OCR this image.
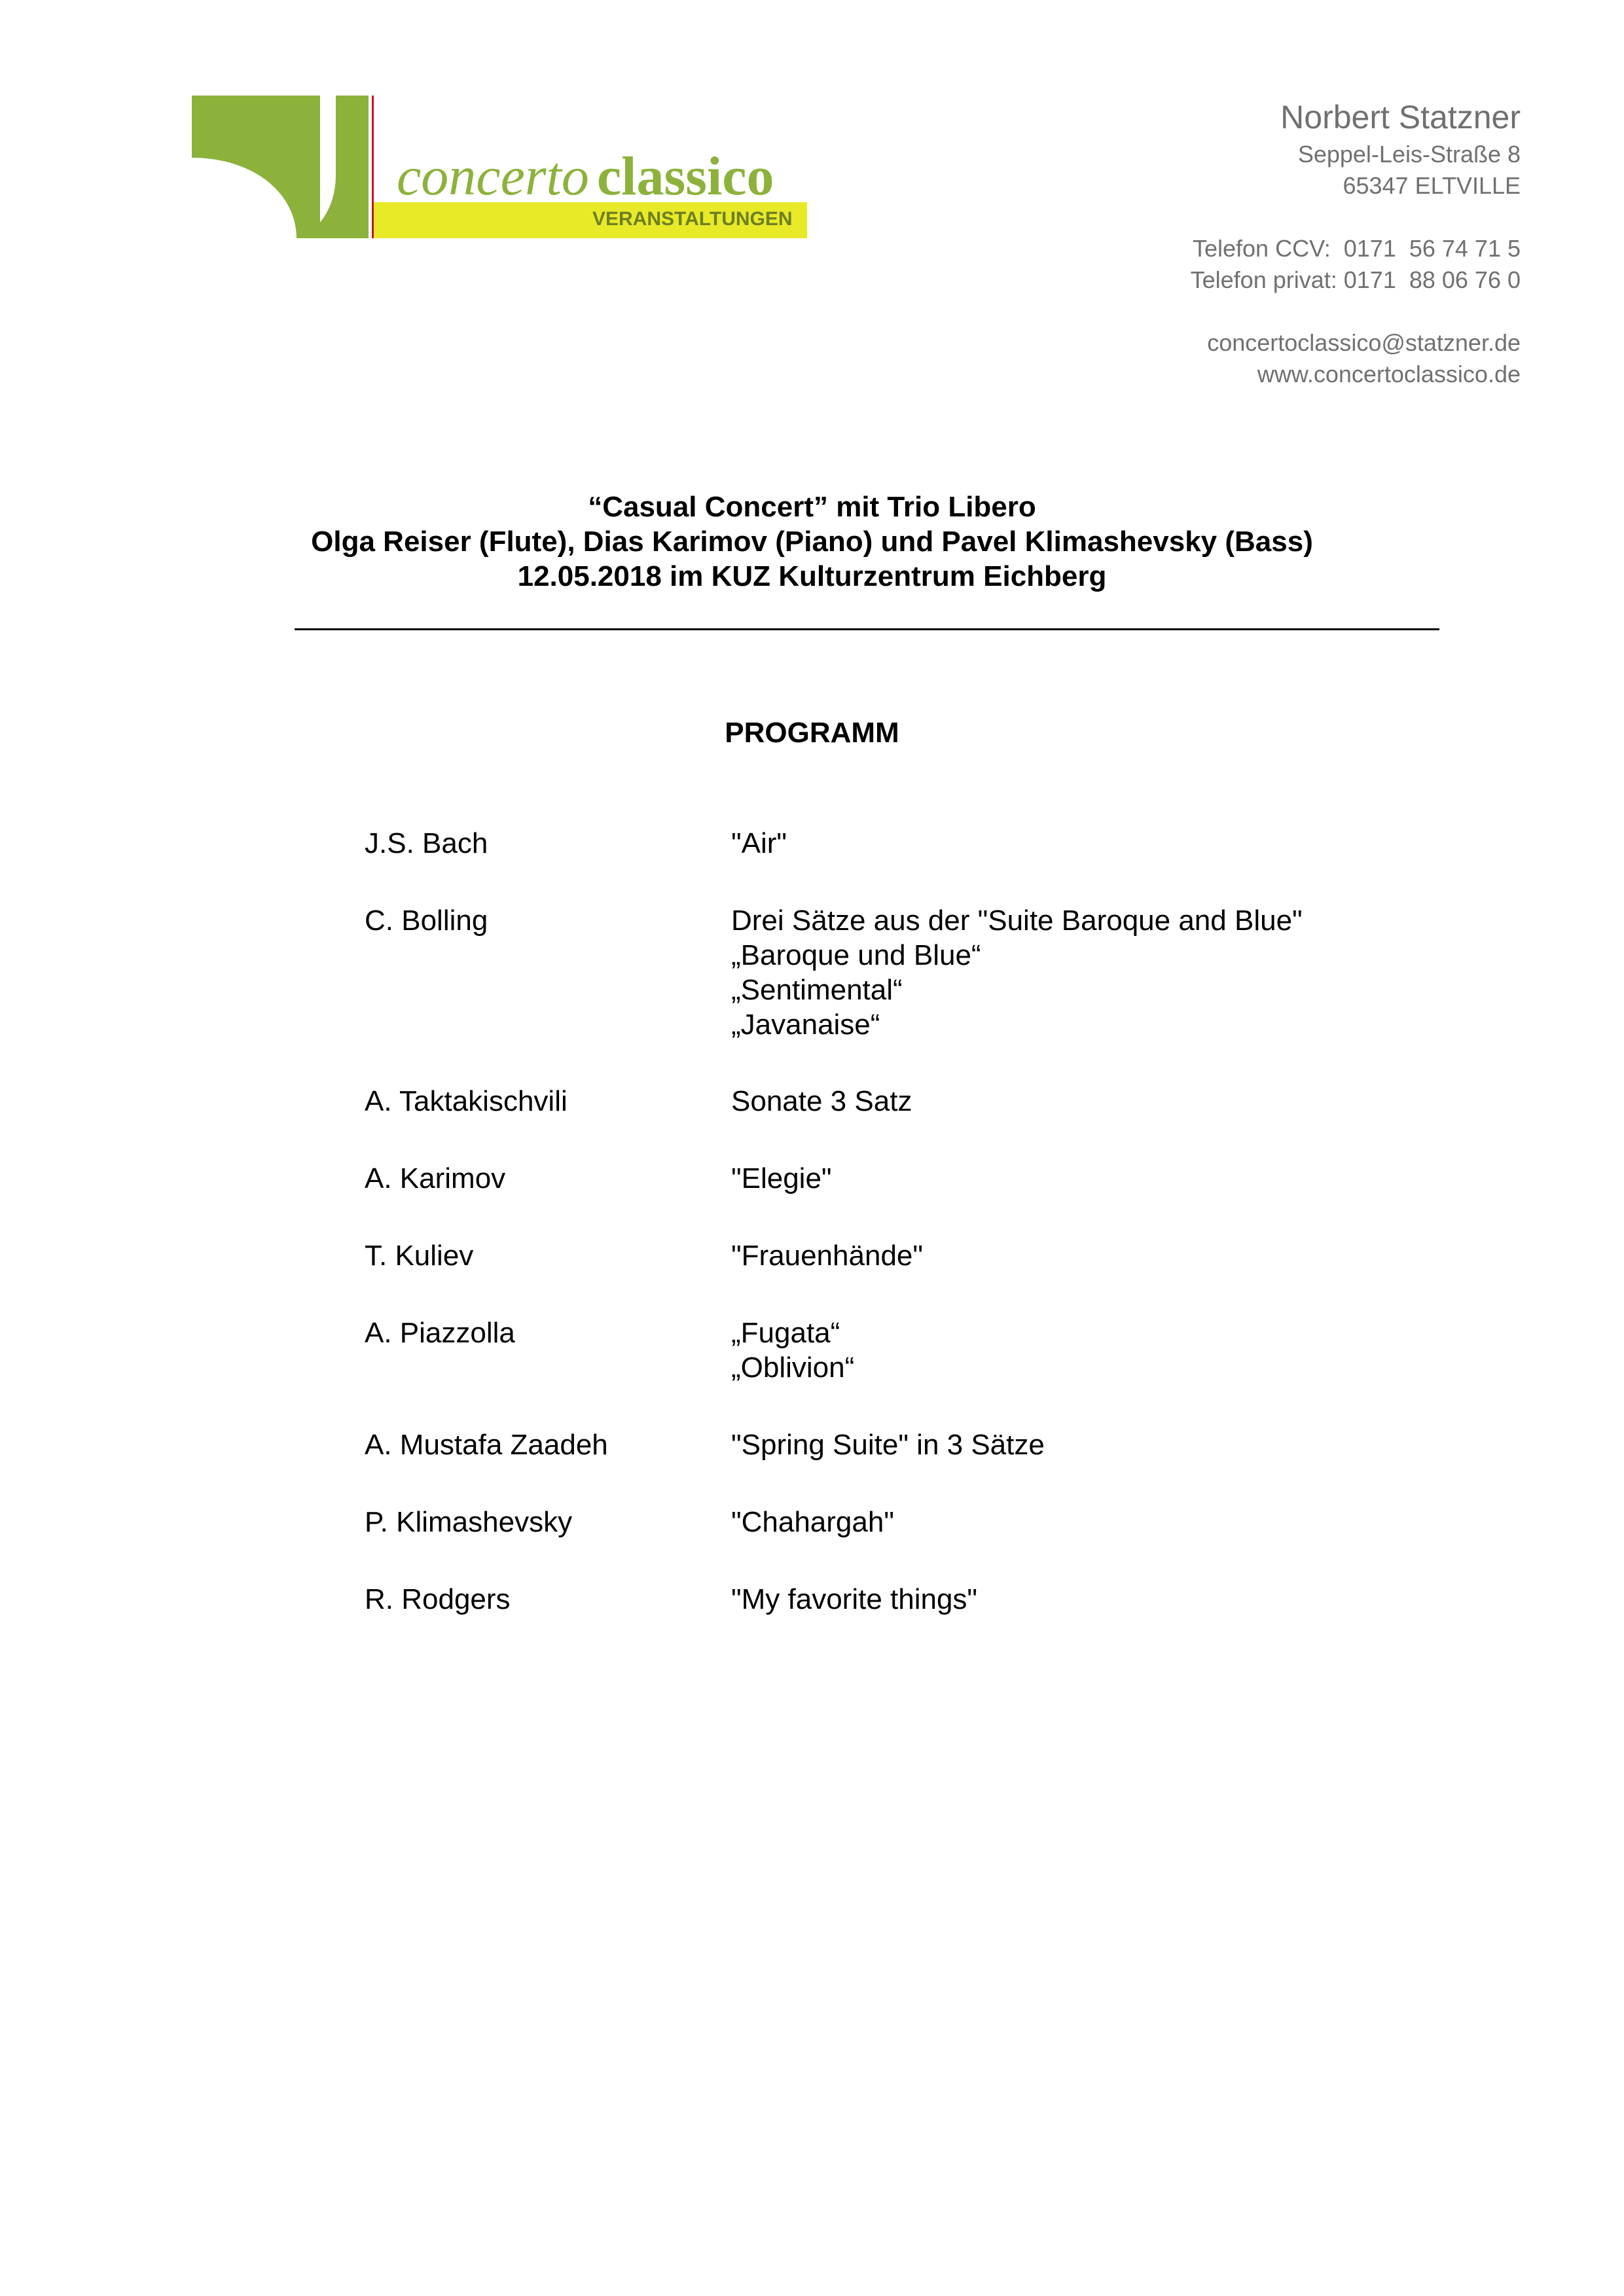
concerto classico
VERANSTALTUNGEN
Norbert Statzner
Seppel-Leis-Straße 8
65347 ELTVILLE
Telefon CCV:  0171  56 74 71 5
Telefon privat: 0171  88 06 76 0
concertoclassico@statzner.de
www.concertoclassico.de
“Casual Concert” mit Trio Libero
Olga Reiser (Flute), Dias Karimov (Piano) und Pavel Klimashevsky (Bass)
12.05.2018 im KUZ Kulturzentrum Eichberg
PROGRAMM
J.S. Bach	"Air"
C. Bolling	Drei Sätze aus der "Suite Baroque and Blue"
„Baroque und Blue“
„Sentimental“
„Javanaise“
A. Taktakischvili	Sonate 3 Satz
A. Karimov	"Elegie"
T. Kuliev	"Frauenhände"
A. Piazzolla	„Fugata“
„Oblivion“
A. Mustafa Zaadeh	"Spring Suite" in 3 Sätze
P. Klimashevsky	"Chahargah"
R. Rodgers	"My favorite things"
